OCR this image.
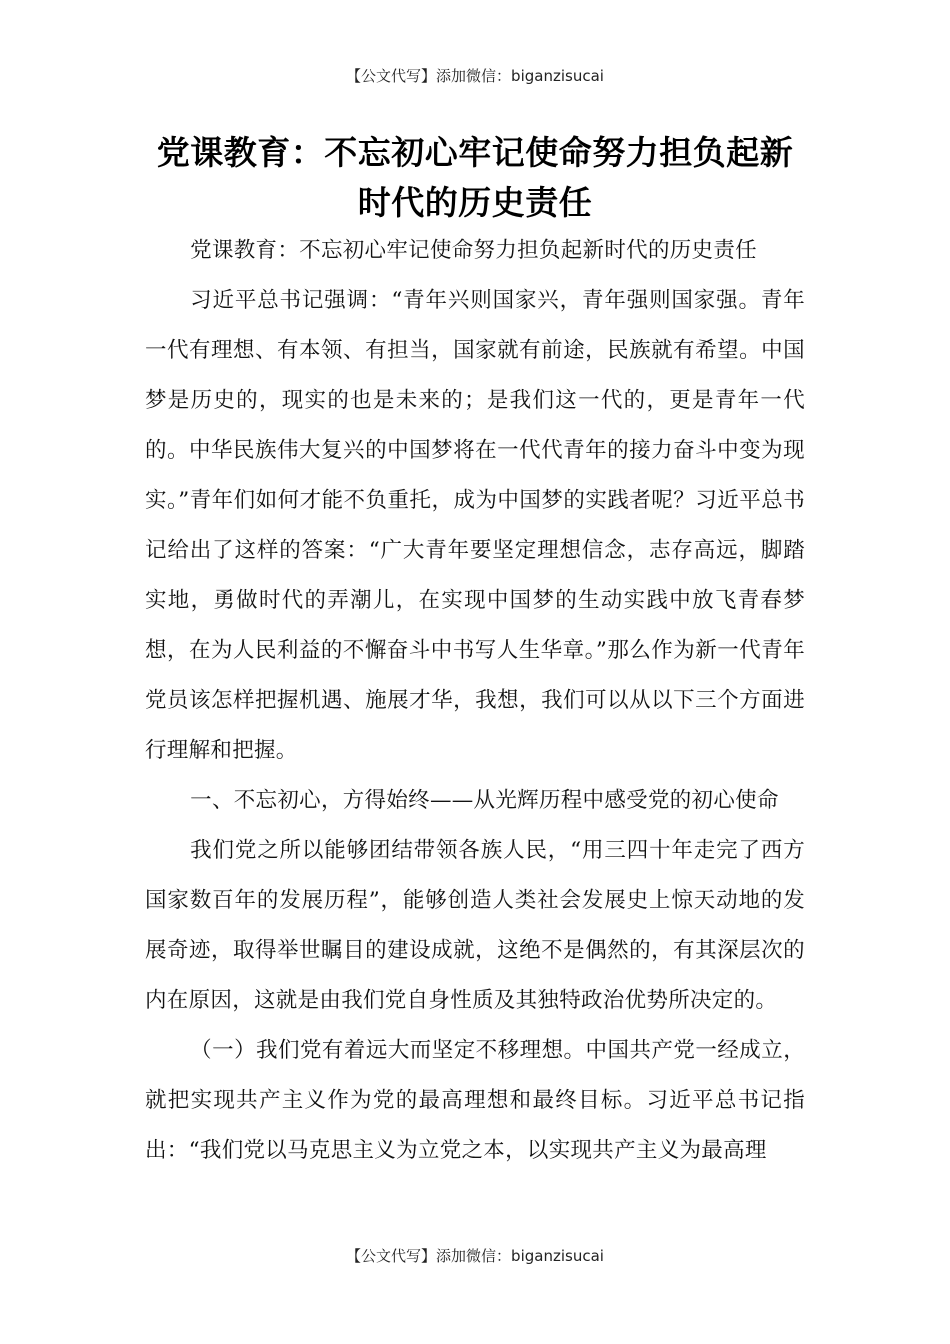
【公文代写】添加微信：biganzisucai
党课教育：不忘初心牢记使命努力担负起新时代的历史责任

党课教育：不忘初心牢记使命努力担负起新时代的历史责任

习近平总书记强调：“青年兴则国家兴，青年强则国家强。青年一代有理想、有本领、有担当，国家就有前途，民族就有希望。中国梦是历史的，现实的也是未来的；是我们这一代的，更是青年一代的。中华民族伟大复兴的中国梦将在一代代青年的接力奋斗中变为现实。”青年们如何才能不负重托，成为中国梦的实践者呢？习近平总书记给出了这样的答案：“广大青年要坚定理想信念，志存高远，脚踏实地，勇做时代的弄潮儿，在实现中国梦的生动实践中放飞青春梦想，在为人民利益的不懈奋斗中书写人生华章。”那么作为新一代青年党员该怎样把握机遇、施展才华，我想，我们可以从以下三个方面进行理解和把握。

一、不忘初心，方得始终——从光辉历程中感受党的初心使命

我们党之所以能够团结带领各族人民，“用三四十年走完了西方国家数百年的发展历程”，能够创造人类社会发展史上惊天动地的发展奇迹，取得举世瞩目的建设成就，这绝不是偶然的，有其深层次的内在原因，这就是由我们党自身性质及其独特政治优势所决定的。

（一）我们党有着远大而坚定不移理想。中国共产党一经成立，就把实现共产主义作为党的最高理想和最终目标。习近平总书记指出：“我们党以马克思主义为立党之本，以实现共产主义为最高理

【公文代写】添加微信：biganzisucai
